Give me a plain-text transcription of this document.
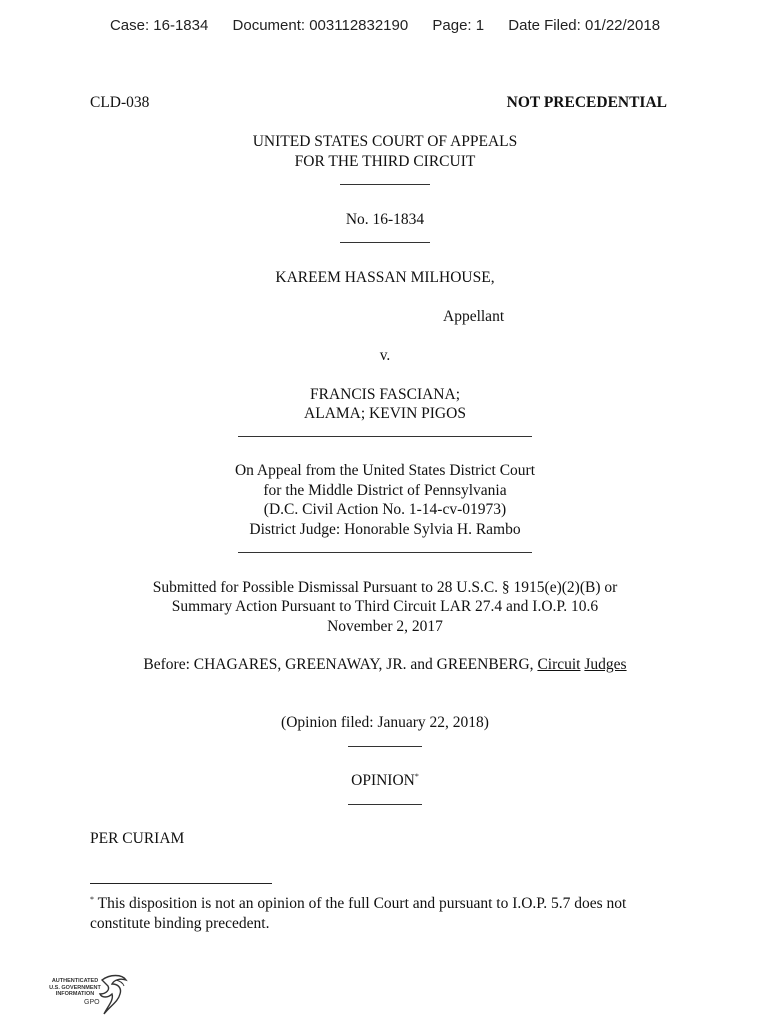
Case: 16-1834 Document: 003112832190 Page: 1 Date Filed: 01/22/2018
CLD-038	NOT PRECEDENTIAL
UNITED STATES COURT OF APPEALS
FOR THE THIRD CIRCUIT
No. 16-1834
KAREEM HASSAN MILHOUSE,
Appellant
v.
FRANCIS FASCIANA;
ALAMA; KEVIN PIGOS
On Appeal from the United States District Court
for the Middle District of Pennsylvania
(D.C. Civil Action No. 1-14-cv-01973)
District Judge: Honorable Sylvia H. Rambo
Submitted for Possible Dismissal Pursuant to 28 U.S.C. § 1915(e)(2)(B) or
Summary Action Pursuant to Third Circuit LAR 27.4 and I.O.P. 10.6
November 2, 2017
Before: CHAGARES, GREENAWAY, JR. and GREENBERG, Circuit Judges
(Opinion filed: January 22, 2018)
OPINION*
PER CURIAM
* This disposition is not an opinion of the full Court and pursuant to I.O.P. 5.7 does not
constitute binding precedent.
AUTHENTICATED
U.S. GOVERNMENT
INFORMATION
GPO
